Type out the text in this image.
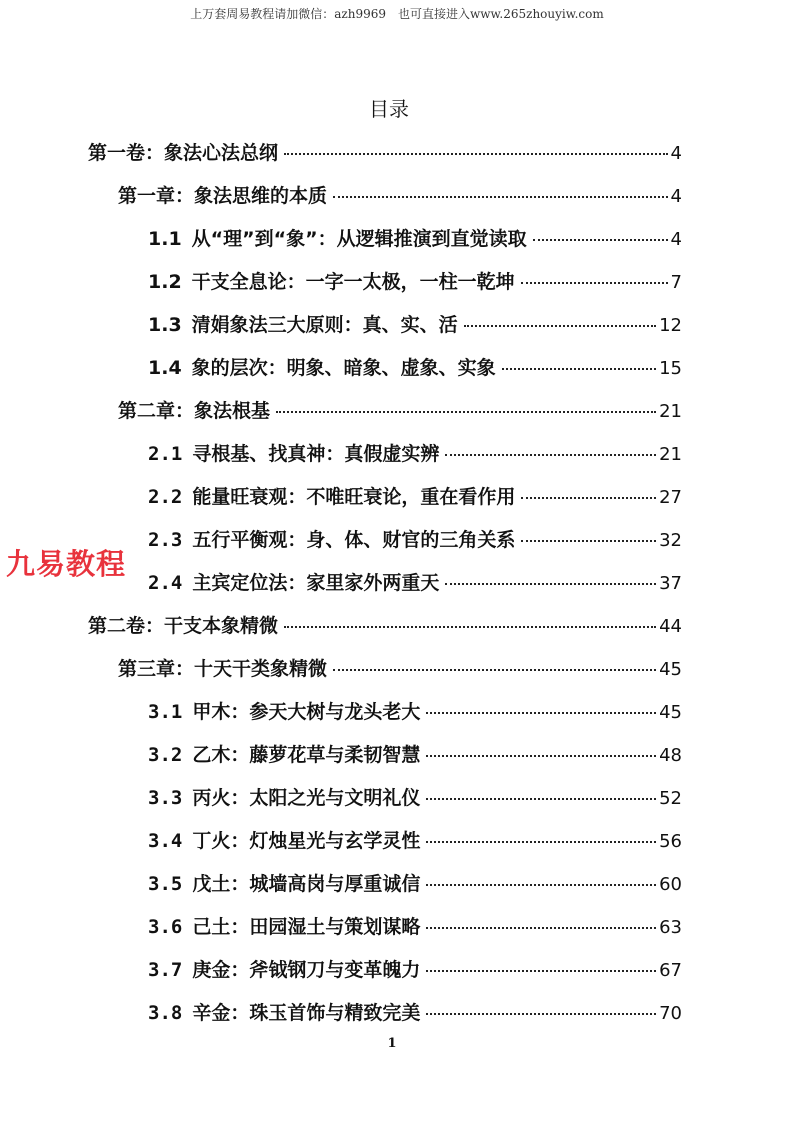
上万套周易教程请加微信：azh9969　也可直接进入www.265zhouyiw.com
目录
第一卷：象法心法总纲	4
第一章：象法思维的本质	4
1.1 从“理”到“象”：从逻辑推演到直觉读取	4
1.2 干支全息论：一字一太极，一柱一乾坤	7
1.3 清娟象法三大原则：真、实、活	12
1.4 象的层次：明象、暗象、虚象、实象	15
第二章：象法根基	21
2.1 寻根基、找真神：真假虚实辨	21
2.2 能量旺衰观：不唯旺衰论，重在看作用	27
2.3 五行平衡观：身、体、财官的三角关系	32
2.4 主宾定位法：家里家外两重天	37
第二卷：干支本象精微	44
第三章：十天干类象精微	45
3.1 甲木：参天大树与龙头老大	45
3.2 乙木：藤萝花草与柔韧智慧	48
3.3 丙火：太阳之光与文明礼仪	52
3.4 丁火：灯烛星光与玄学灵性	56
3.5 戊土：城墙高岗与厚重诚信	60
3.6 己土：田园湿土与策划谋略	63
3.7 庚金：斧钺钢刀与变革魄力	67
3.8 辛金：珠玉首饰与精致完美	70
九易教程
1
